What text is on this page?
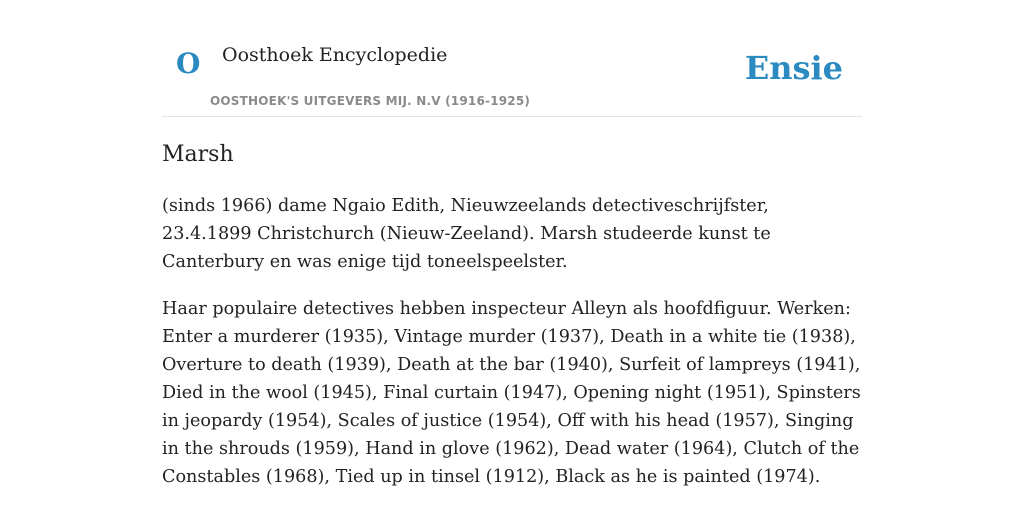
O Oosthoek Encyclopedie
OOSTHOEK'S UITGEVERS MIJ. N.V (1916-1925)
Ensie
Marsh

(sinds 1966) dame Ngaio Edith, Nieuwzeelands detectiveschrijfster, 23.4.1899 Christchurch (Nieuw-Zeeland). Marsh studeerde kunst te Canterbury en was enige tijd toneelspeelster.

Haar populaire detectives hebben inspecteur Alleyn als hoofdfiguur. Werken: Enter a murderer (1935), Vintage murder (1937), Death in a white tie (1938), Overture to death (1939), Death at the bar (1940), Surfeit of lampreys (1941), Died in the wool (1945), Final curtain (1947), Opening night (1951), Spinsters in jeopardy (1954), Scales of justice (1954), Off with his head (1957), Singing in the shrouds (1959), Hand in glove (1962), Dead water (1964), Clutch of the Constables (1968), Tied up in tinsel (1912), Black as he is painted (1974).
